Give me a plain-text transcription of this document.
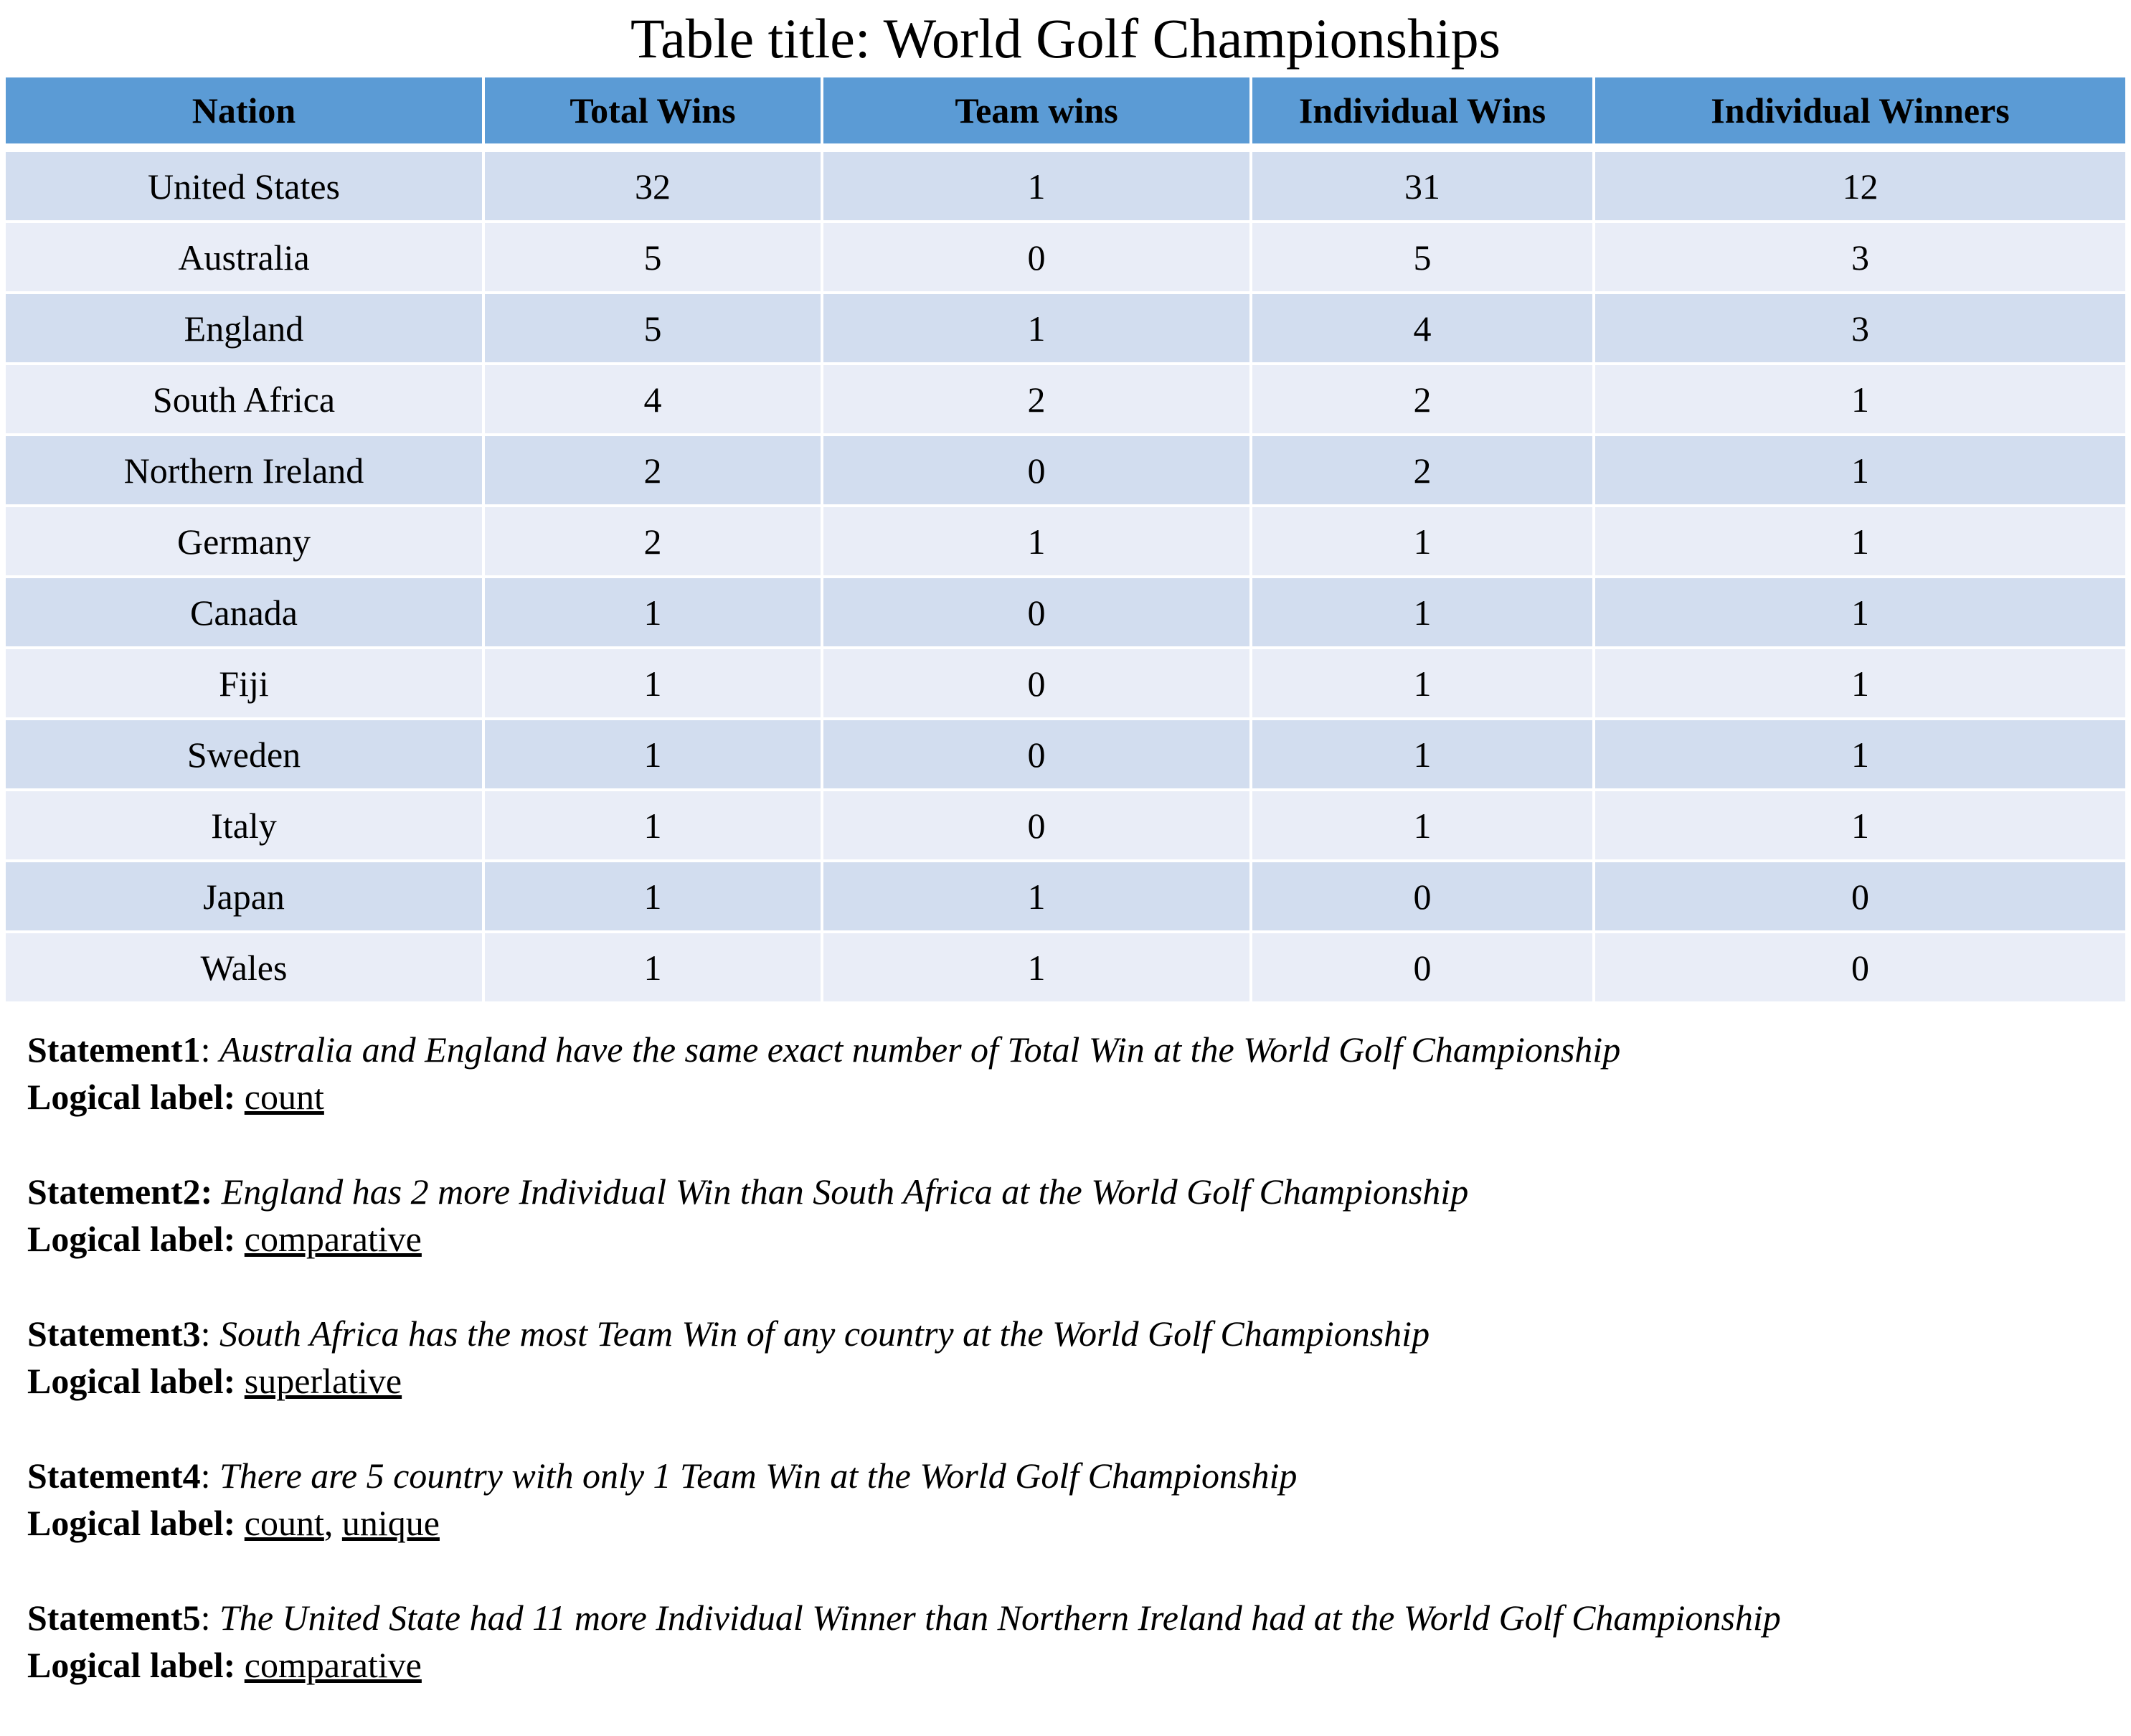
Table title: World Golf Championships
Nation	Total Wins	Team wins	Individual Wins	Individual Winners
United States	32	1	31	12
Australia	5	0	5	3
England	5	1	4	3
South Africa	4	2	2	1
Northern Ireland	2	0	2	1
Germany	2	1	1	1
Canada	1	0	1	1
Fiji	1	0	1	1
Sweden	1	0	1	1
Italy	1	0	1	1
Japan	1	1	0	0
Wales	1	1	0	0
Statement1: Australia and England have the same exact number of Total Win at the World Golf Championship
Logical label: count
Statement2: England has 2 more Individual Win than South Africa at the World Golf Championship
Logical label: comparative
Statement3: South Africa has the most Team Win of any country at the World Golf Championship
Logical label: superlative
Statement4: There are 5 country with only 1 Team Win at the World Golf Championship
Logical label: count, unique
Statement5: The United State had 11 more Individual Winner than Northern Ireland had at the World Golf Championship
Logical label: comparative
